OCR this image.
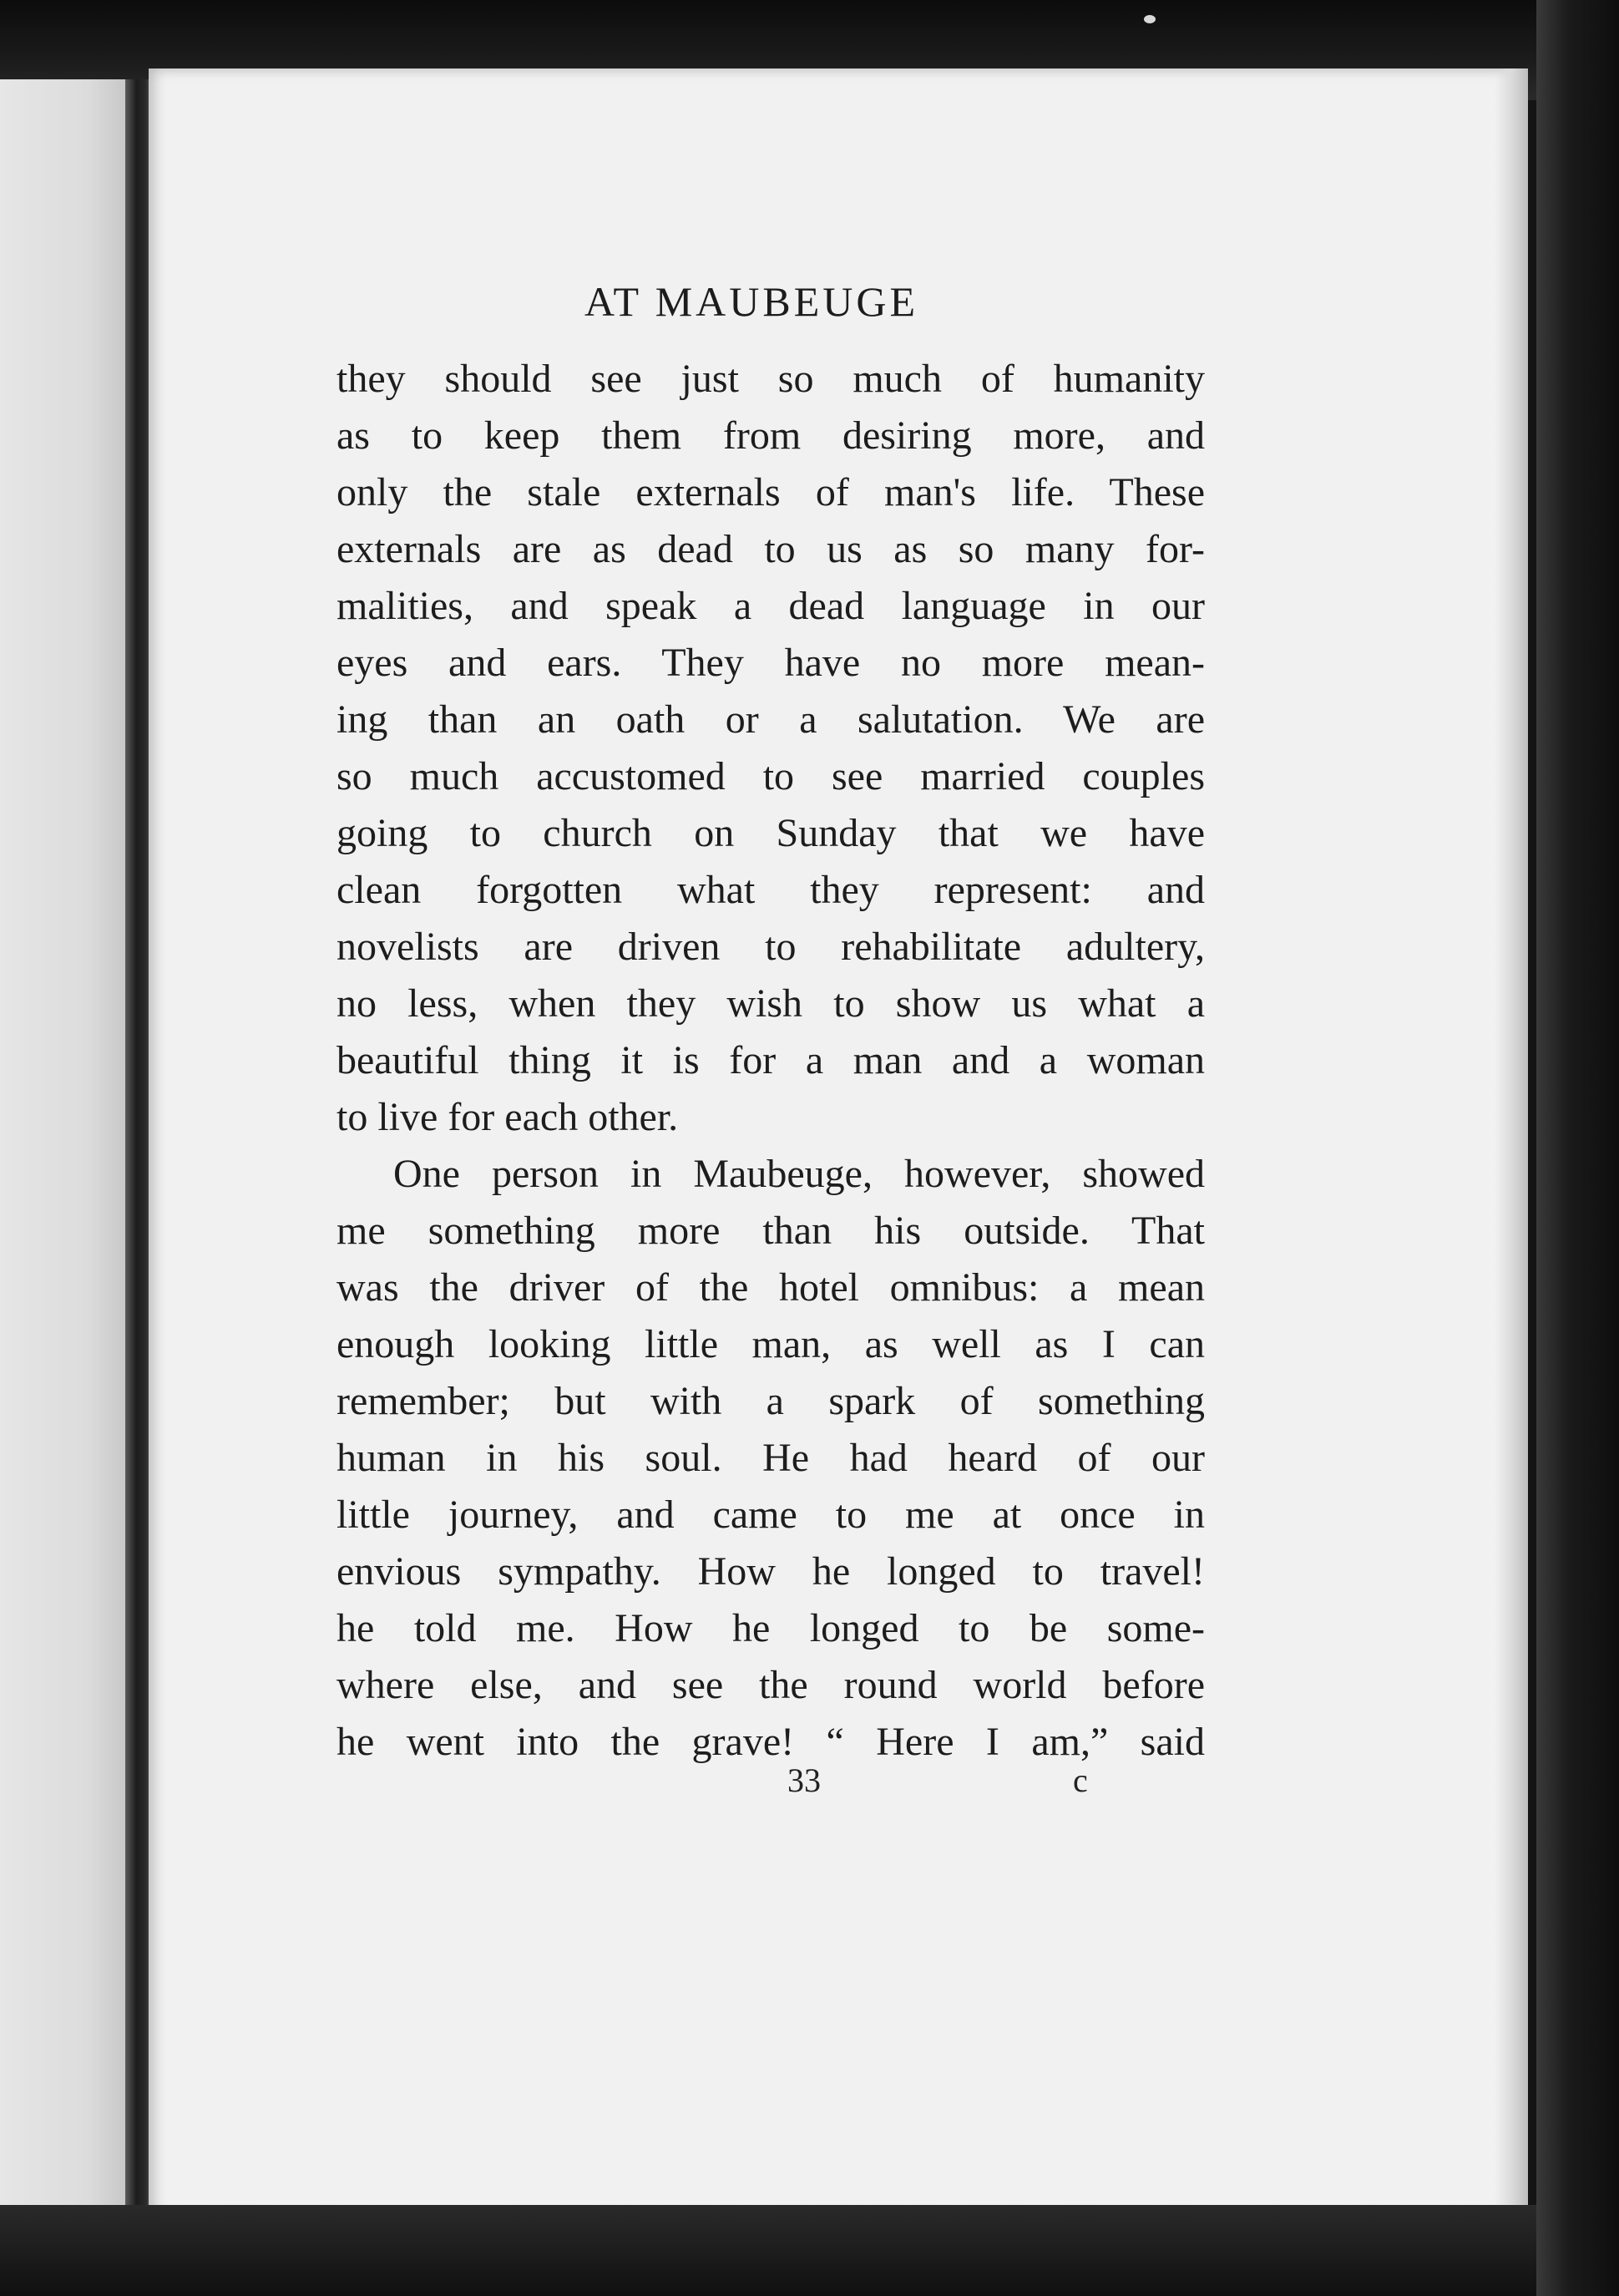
AT MAUBEUGE
they should see just so much of humanity
as to keep them from desiring more, and
only the stale externals of man's life. These
externals are as dead to us as so many for-
malities, and speak a dead language in our
eyes and ears. They have no more mean-
ing than an oath or a salutation. We are
so much accustomed to see married couples
going to church on Sunday that we have
clean forgotten what they represent: and
novelists are driven to rehabilitate adultery,
no less, when they wish to show us what a
beautiful thing it is for a man and a woman
to live for each other.
One person in Maubeuge, however, showed
me something more than his outside. That
was the driver of the hotel omnibus: a mean
enough looking little man, as well as I can
remember; but with a spark of something
human in his soul. He had heard of our
little journey, and came to me at once in
envious sympathy. How he longed to travel!
he told me. How he longed to be some-
where else, and see the round world before
he went into the grave! “ Here I am,” said
33	c
